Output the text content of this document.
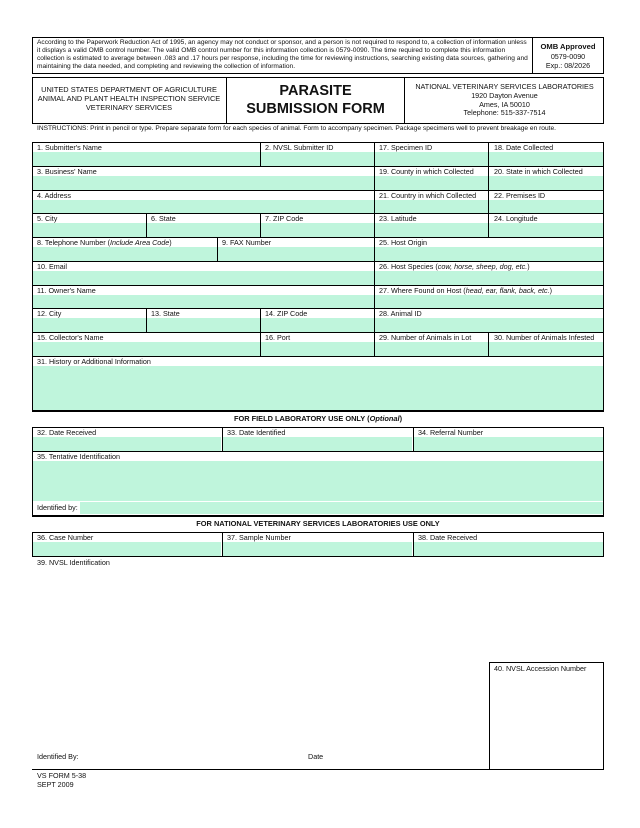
According to the Paperwork Reduction Act of 1995, an agency may not conduct or sponsor, and a person is not required to respond to, a collection of information unless it displays a valid OMB control number. The valid OMB control number for this information collection is 0579-0090. The time required to complete this information collection is estimated to average between .083 and .17 hours per response, including the time for reviewing instructions, searching existing data sources, gathering and maintaining the data needed, and completing and reviewing the collection of information.
OMB Approved
0579-0090
Exp.: 08/2026
UNITED STATES DEPARTMENT OF AGRICULTURE
ANIMAL AND PLANT HEALTH INSPECTION SERVICE
VETERINARY SERVICES
PARASITE
SUBMISSION FORM
NATIONAL VETERINARY SERVICES LABORATORIES
1920 Dayton Avenue
Ames, IA 50010
Telephone: 515-337-7514
INSTRUCTIONS: Print in pencil or type. Prepare separate form for each species of animal. Form to accompany specimen. Package specimens well to prevent breakage en route.
1. Submitter's Name	2. NVSL Submitter ID	17. Specimen ID	18. Date Collected
3. Business' Name	19. County in which Collected	20. State in which Collected
4. Address	21. Country in which Collected 22. Premises ID
5. City	6. State	7. ZIP Code	23. Latitude	24. Longitude
8. Telephone Number (Include Area Code)	9. FAX Number	25. Host Origin
10. Email	26. Host Species (cow, horse, sheep, dog, etc.)
11. Owner's Name	27. Where Found on Host (head, ear, flank, back, etc.)
12. City	13. State	14. ZIP Code	28. Animal ID
15. Collector's Name	16. Port	29. Number of Animals in Lot	30. Number of Animals Infested
31. History or Additional Information
FOR FIELD LABORATORY USE ONLY (Optional)
32. Date Received	33. Date Identified	34. Referral Number
35. Tentative Identification
Identified by:
FOR NATIONAL VETERINARY SERVICES LABORATORIES USE ONLY
36. Case Number	37. Sample Number	38. Date Received
39. NVSL Identification
40. NVSL Accession Number
Identified By:	Date
VS FORM 5-38
SEPT 2009
